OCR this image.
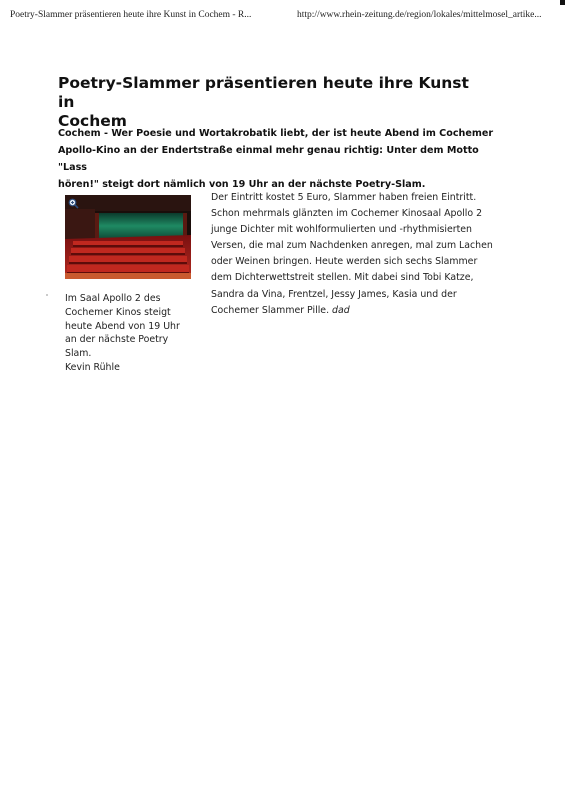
Poetry-Slammer präsentieren heute ihre Kunst in Cochem - R...	http://www.rhein-zeitung.de/region/lokales/mittelmosel_artike...
Poetry-Slammer präsentieren heute ihre Kunst in
Cochem

Cochem - Wer Poesie und Wortakrobatik liebt, der ist heute Abend im Cochemer
Apollo-Kino an der Endertstraße einmal mehr genau richtig: Unter dem Motto "Lass
hören!" steigt dort nämlich von 19 Uhr an der nächste Poetry-Slam.

Im Saal Apollo 2 des
Cochemer Kinos steigt
heute Abend von 19 Uhr
an der nächste Poetry
Slam.
Kevin Rühle
Der Eintritt kostet 5 Euro, Slammer haben freien Eintritt.
Schon mehrmals glänzten im Cochemer Kinosaal Apollo 2
junge Dichter mit wohlformulierten und -rhythmisierten
Versen, die mal zum Nachdenken anregen, mal zum Lachen
oder Weinen bringen. Heute werden sich sechs Slammer
dem Dichterwettstreit stellen. Mit dabei sind Tobi Katze,
Sandra da Vina, Frentzel, Jessy James, Kasia und der
Cochemer Slammer Pille. dad
